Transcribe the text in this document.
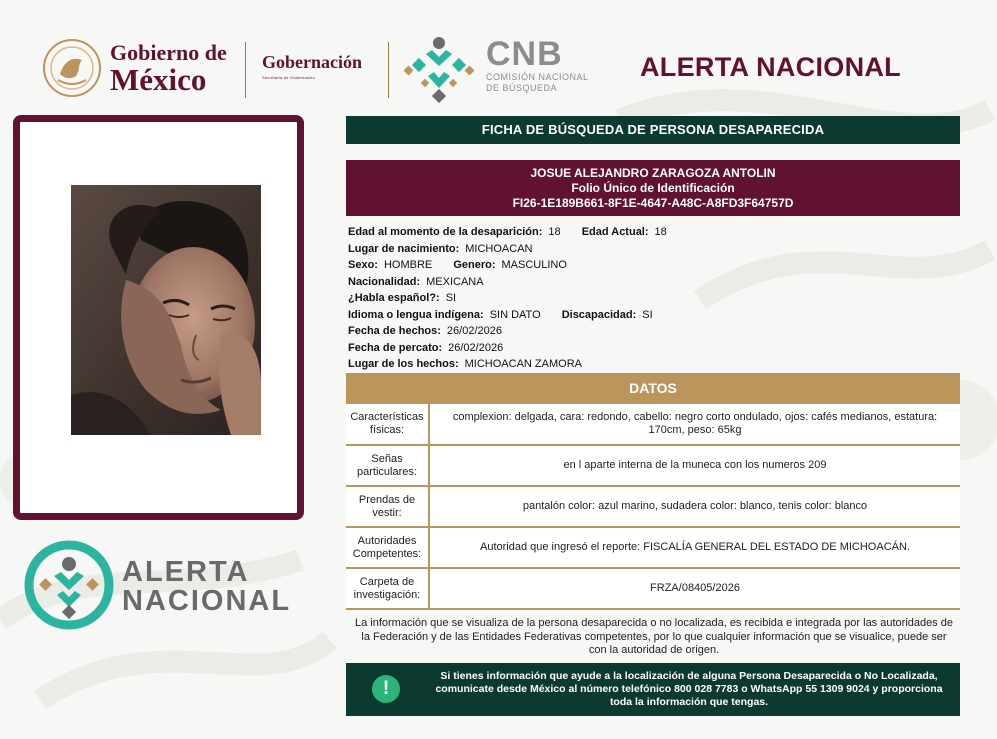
Gobierno de
México	Gobernación
Secretaría de Gobernación
CNB
COMISIÓN NACIONAL
DE BÚSQUEDA
ALERTA NACIONAL
ALERTA
NACIONAL
FICHA DE BÚSQUEDA DE PERSONA DESAPARECIDA
JOSUE ALEJANDRO ZARAGOZA ANTOLIN
Folio Único de Identificación
FI26-1E189B661-8F1E-4647-A48C-A8FD3F64757D
Edad al momento de la desaparición: 18 Edad Actual: 18
Lugar de nacimiento: MICHOACAN
Sexo: HOMBRE Genero: MASCULINO
Nacionalidad: MEXICANA
¿Habla español?: SI
Idioma o lengua indígena: SIN DATO Discapacidad: SI
Fecha de hechos: 26/02/2026
Fecha de percato: 26/02/2026
Lugar de los hechos: MICHOACAN ZAMORA
DATOS
Características físicas:
complexion: delgada, cara: redondo, cabello: negro corto ondulado, ojos: cafés medianos, estatura: 170cm, peso: 65kg
Señas particulares:
en l aparte interna de la muneca con los numeros 209
Prendas de vestir:
pantalón color: azul marino, sudadera color: blanco, tenis color: blanco
Autoridades Competentes:
Autoridad que ingresó el reporte: FISCALÍA GENERAL DEL ESTADO DE MICHOACÁN.
Carpeta de investigación:
FRZA/08405/2026
La información que se visualiza de la persona desaparecida o no localizada, es recibida e integrada por las autoridades de la Federación y de las Entidades Federativas competentes, por lo que cualquier información que se visualice, puede ser con la autoridad de origen.
!
Si tienes información que ayude a la localización de alguna Persona Desaparecida o No Localizada, comunicate desde México al número telefónico 800 028 7783 o WhatsApp 55 1309 9024 y proporciona toda la información que tengas.
